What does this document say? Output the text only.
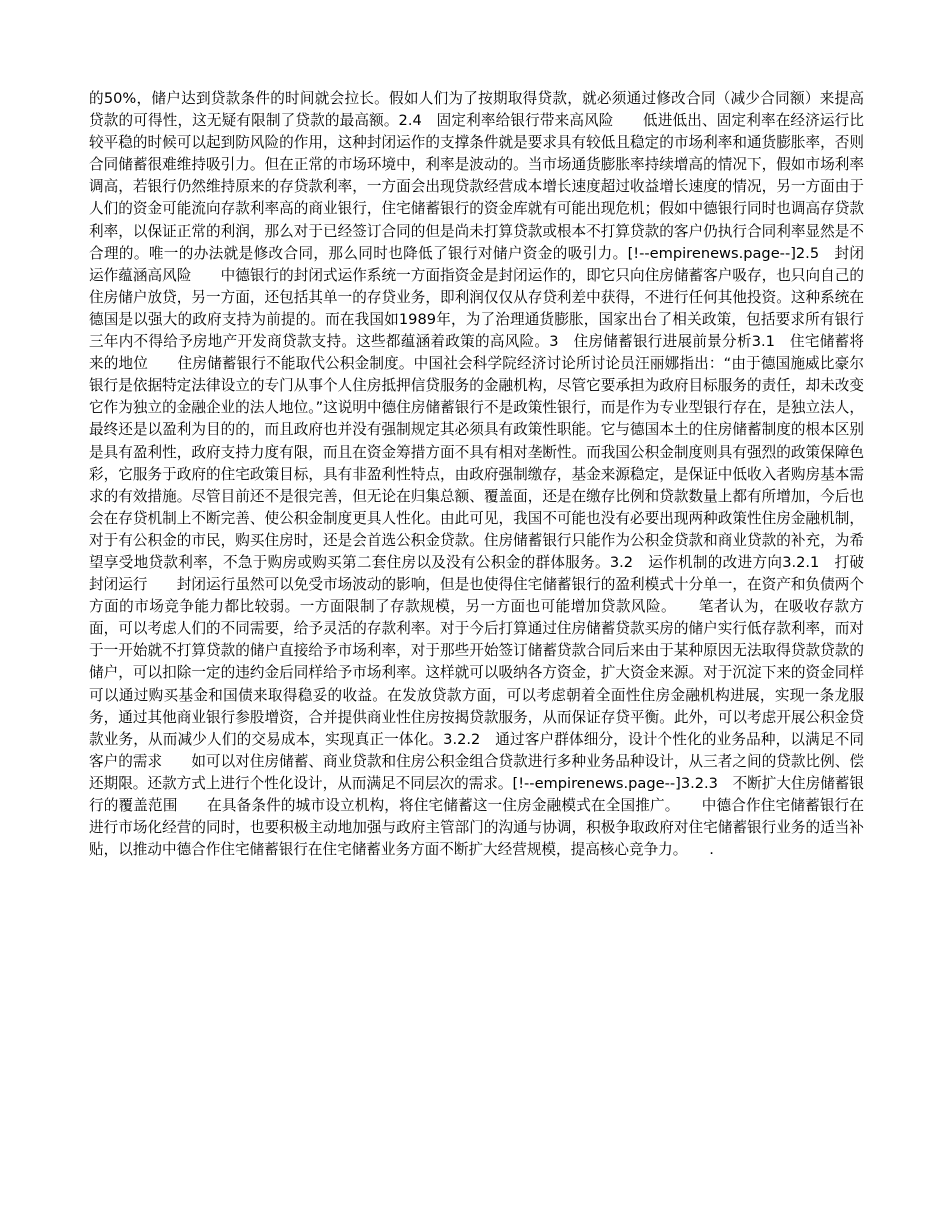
的50%，储户达到贷款条件的时间就会拉长。假如人们为了按期取得贷款，就必须通过修改合同（减少合同额）来提高贷款的可得性，这无疑有限制了贷款的最高额。2.4　固定利率给银行带来高风险　　低进低出、固定利率在经济运行比较平稳的时候可以起到防风险的作用，这种封闭运作的支撑条件就是要求具有较低且稳定的市场利率和通货膨胀率，否则合同储蓄很难维持吸引力。但在正常的市场环境中，利率是波动的。当市场通货膨胀率持续增高的情况下，假如市场利率调高，若银行仍然维持原来的存贷款利率，一方面会出现贷款经营成本增长速度超过收益增长速度的情况，另一方面由于人们的资金可能流向存款利率高的商业银行，住宅储蓄银行的资金库就有可能出现危机；假如中德银行同时也调高存贷款利率，以保证正常的利润，那么对于已经签订合同的但是尚未打算贷款或根本不打算贷款的客户仍执行合同利率显然是不合理的。唯一的办法就是修改合同，那么同时也降低了银行对储户资金的吸引力。[!--empirenews.page--]2.5　封闭运作蕴涵高风险　　中德银行的封闭式运作系统一方面指资金是封闭运作的，即它只向住房储蓄客户吸存，也只向自己的住房储户放贷，另一方面，还包括其单一的存贷业务，即利润仅仅从存贷利差中获得，不进行任何其他投资。这种系统在德国是以强大的政府支持为前提的。而在我国如1989年，为了治理通货膨胀，国家出台了相关政策，包括要求所有银行三年内不得给予房地产开发商贷款支持。这些都蕴涵着政策的高风险。3　住房储蓄银行进展前景分析3.1　住宅储蓄将来的地位　　住房储蓄银行不能取代公积金制度。中国社会科学院经济讨论所讨论员汪丽娜指出：“由于德国施威比豪尔银行是依据特定法律设立的专门从事个人住房抵押信贷服务的金融机构，尽管它要承担为政府目标服务的责任，却未改变它作为独立的金融企业的法人地位。”这说明中德住房储蓄银行不是政策性银行，而是作为专业型银行存在，是独立法人，最终还是以盈利为目的的，而且政府也并没有强制规定其必须具有政策性职能。它与德国本土的住房储蓄制度的根本区别是具有盈利性，政府支持力度有限，而且在资金筹措方面不具有相对垄断性。而我国公积金制度则具有强烈的政策保障色彩，它服务于政府的住宅政策目标，具有非盈利性特点，由政府强制缴存，基金来源稳定，是保证中低收入者购房基本需求的有效措施。尽管目前还不是很完善，但无论在归集总额、覆盖面，还是在缴存比例和贷款数量上都有所增加，今后也会在存贷机制上不断完善、使公积金制度更具人性化。由此可见，我国不可能也没有必要出现两种政策性住房金融机制，对于有公积金的市民，购买住房时，还是会首选公积金贷款。住房储蓄银行只能作为公积金贷款和商业贷款的补充，为希望享受地贷款利率，不急于购房或购买第二套住房以及没有公积金的群体服务。3.2　运作机制的改进方向3.2.1　打破封闭运行　　封闭运行虽然可以免受市场波动的影响，但是也使得住宅储蓄银行的盈利模式十分单一，在资产和负债两个方面的市场竞争能力都比较弱。一方面限制了存款规模，另一方面也可能增加贷款风险。　　笔者认为，在吸收存款方面，可以考虑人们的不同需要，给予灵活的存款利率。对于今后打算通过住房储蓄贷款买房的储户实行低存款利率，而对于一开始就不打算贷款的储户直接给予市场利率，对于那些开始签订储蓄贷款合同后来由于某种原因无法取得贷款贷款的储户，可以扣除一定的违约金后同样给予市场利率。这样就可以吸纳各方资金，扩大资金来源。对于沉淀下来的资金同样可以通过购买基金和国债来取得稳妥的收益。在发放贷款方面，可以考虑朝着全面性住房金融机构进展，实现一条龙服务，通过其他商业银行参股增资，合并提供商业性住房按揭贷款服务，从而保证存贷平衡。此外，可以考虑开展公积金贷款业务，从而减少人们的交易成本，实现真正一体化。3.2.2　通过客户群体细分，设计个性化的业务品种，以满足不同客户的需求　　如可以对住房储蓄、商业贷款和住房公积金组合贷款进行多种业务品种设计，从三者之间的贷款比例、偿还期限。还款方式上进行个性化设计，从而满足不同层次的需求。[!--empirenews.page--]3.2.3　不断扩大住房储蓄银行的覆盖范围　　在具备条件的城市设立机构，将住宅储蓄这一住房金融模式在全国推广。　　中德合作住宅储蓄银行在进行市场化经营的同时，也要积极主动地加强与政府主管部门的沟通与协调，积极争取政府对住宅储蓄银行业务的适当补贴，以推动中德合作住宅储蓄银行在住宅储蓄业务方面不断扩大经营规模，提高核心竞争力。　　.
